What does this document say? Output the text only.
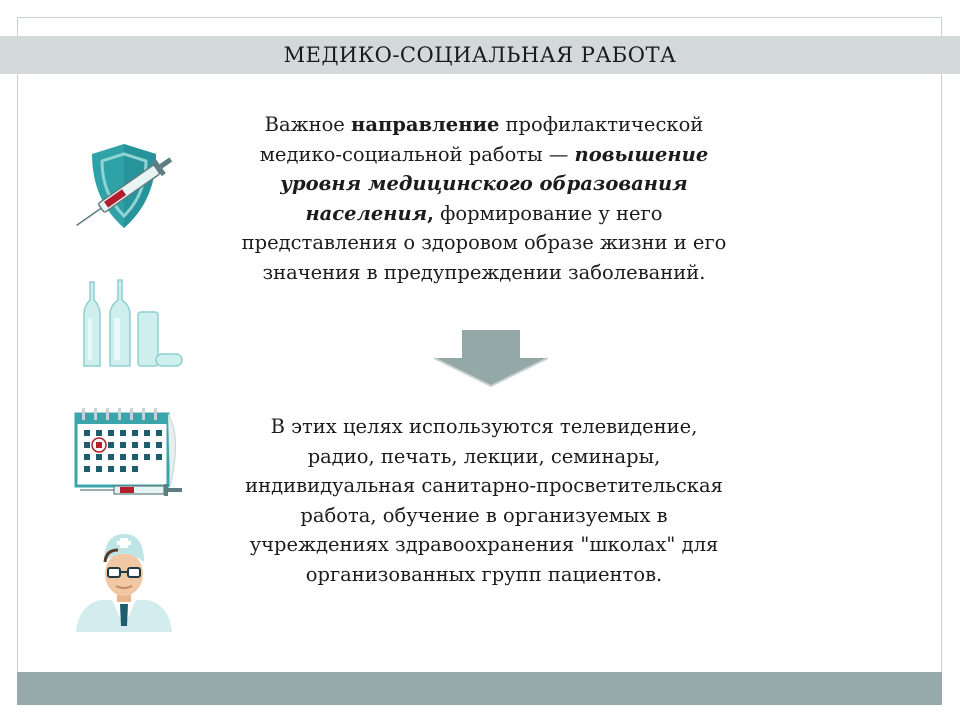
МЕДИКО-СОЦИАЛЬНАЯ РАБОТА
Важное направление профилактической медико-социальной работы — повышение уровня медицинского образования населения, формирование у него представления о здоровом образе жизни и его значения в предупреждении заболеваний.
В этих целях используются телевидение, радио, печать, лекции, семинары, индивидуальная санитарно-просветительская работа, обучение в организуемых в учреждениях здравоохранения "школах" для организованных групп пациентов.
